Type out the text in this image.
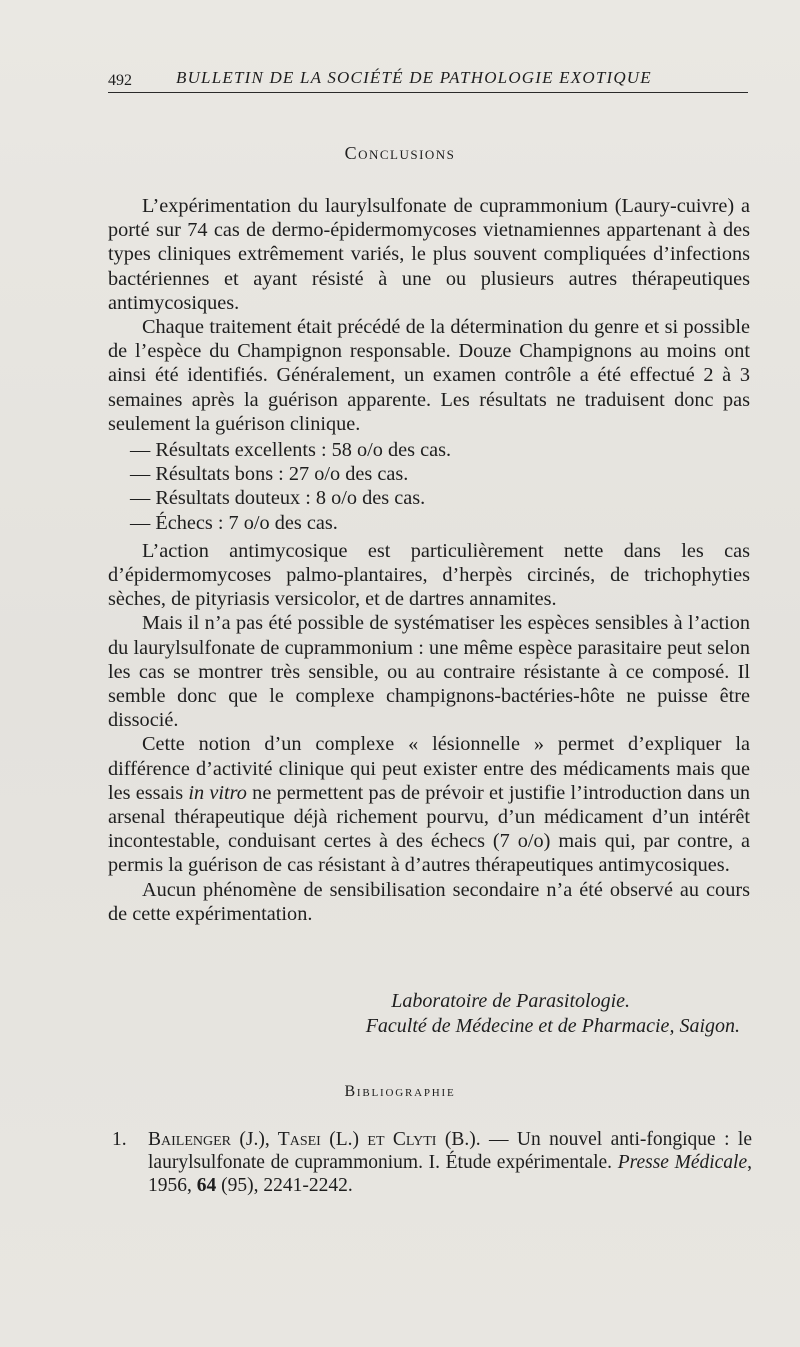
492	BULLETIN DE LA SOCIÉTÉ DE PATHOLOGIE EXOTIQUE
Conclusions

L’expérimentation du laurylsulfonate de cuprammonium (Laury-cuivre) a porté sur 74 cas de dermo-épidermomycoses vietnamiennes appartenant à des types cliniques extrêmement variés, le plus souvent compliquées d’infections bactériennes et ayant résisté à une ou plusieurs autres thérapeutiques antimycosiques.

Chaque traitement était précédé de la détermination du genre et si possible de l’espèce du Champignon responsable. Douze Champignons au moins ont ainsi été identifiés. Généralement, un examen contrôle a été effectué 2 à 3 semaines après la guérison apparente. Les résultats ne traduisent donc pas seulement la guérison clinique.

— Résultats excellents : 58 o/o des cas.
— Résultats bons : 27 o/o des cas.
— Résultats douteux : 8 o/o des cas.
— Échecs : 7 o/o des cas.

L’action antimycosique est particulièrement nette dans les cas d’épidermomycoses palmo-plantaires, d’herpès circinés, de trichophyties sèches, de pityriasis versicolor, et de dartres annamites.

Mais il n’a pas été possible de systématiser les espèces sensibles à l’action du laurylsulfonate de cuprammonium : une même espèce parasitaire peut selon les cas se montrer très sensible, ou au contraire résistante à ce composé. Il semble donc que le complexe champignons-bactéries-hôte ne puisse être dissocié.

Cette notion d’un complexe « lésionnelle » permet d’expliquer la différence d’activité clinique qui peut exister entre des médicaments mais que les essais in vitro ne permettent pas de prévoir et justifie l’introduction dans un arsenal thérapeutique déjà richement pourvu, d’un médicament d’un intérêt incontestable, conduisant certes à des échecs (7 o/o) mais qui, par contre, a permis la guérison de cas résistant à d’autres thérapeutiques antimycosiques.

Aucun phénomène de sensibilisation secondaire n’a été observé au cours de cette expérimentation.

Laboratoire de Parasitologie.
Faculté de Médecine et de Pharmacie, Saigon.
Bibliographie
1. Bailenger (J.), Tasei (L.) et Clyti (B.). — Un nouvel anti-fongique : le laurylsulfonate de cuprammonium. I. Étude expérimentale. Presse Médicale, 1956, 64 (95), 2241-2242.
